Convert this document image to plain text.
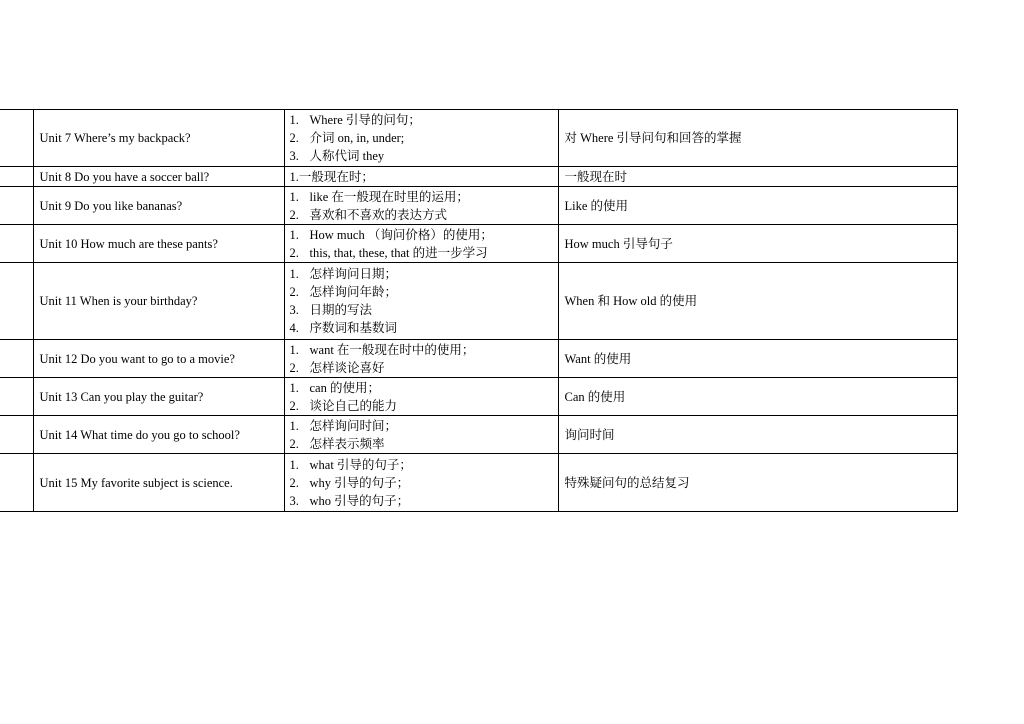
	Unit 7 Where’s my backpack?	1. Where 引导的问句；
2. 介词 on, in, under;
3. 人称代词 they	对 Where 引导问句和回答的掌握
	Unit 8 Do you have a soccer ball?	1.一般现在时；	一般现在时
	Unit 9 Do you like bananas?	1. like 在一般现在时里的运用；
2. 喜欢和不喜欢的表达方式	Like 的使用
	Unit 10 How much are these pants?	1. How much （询问价格）的使用；
2. this, that, these, that 的进一步学习	How much 引导句子
	Unit 11 When is your birthday?	1. 怎样询问日期；
2. 怎样询问年龄；
3. 日期的写法
4. 序数词和基数词	When 和 How old 的使用
	Unit 12 Do you want to go to a movie?	1. want 在一般现在时中的使用；
2. 怎样谈论喜好	Want 的使用
	Unit 13 Can you play the guitar?	1. can 的使用；
2. 谈论自己的能力	Can 的使用
	Unit 14 What time do you go to school?	1. 怎样询问时间；
2. 怎样表示频率	询问时间
	Unit 15 My favorite subject is science.	1. what 引导的句子；
2. why 引导的句子；
3. who 引导的句子；	特殊疑问句的总结复习
